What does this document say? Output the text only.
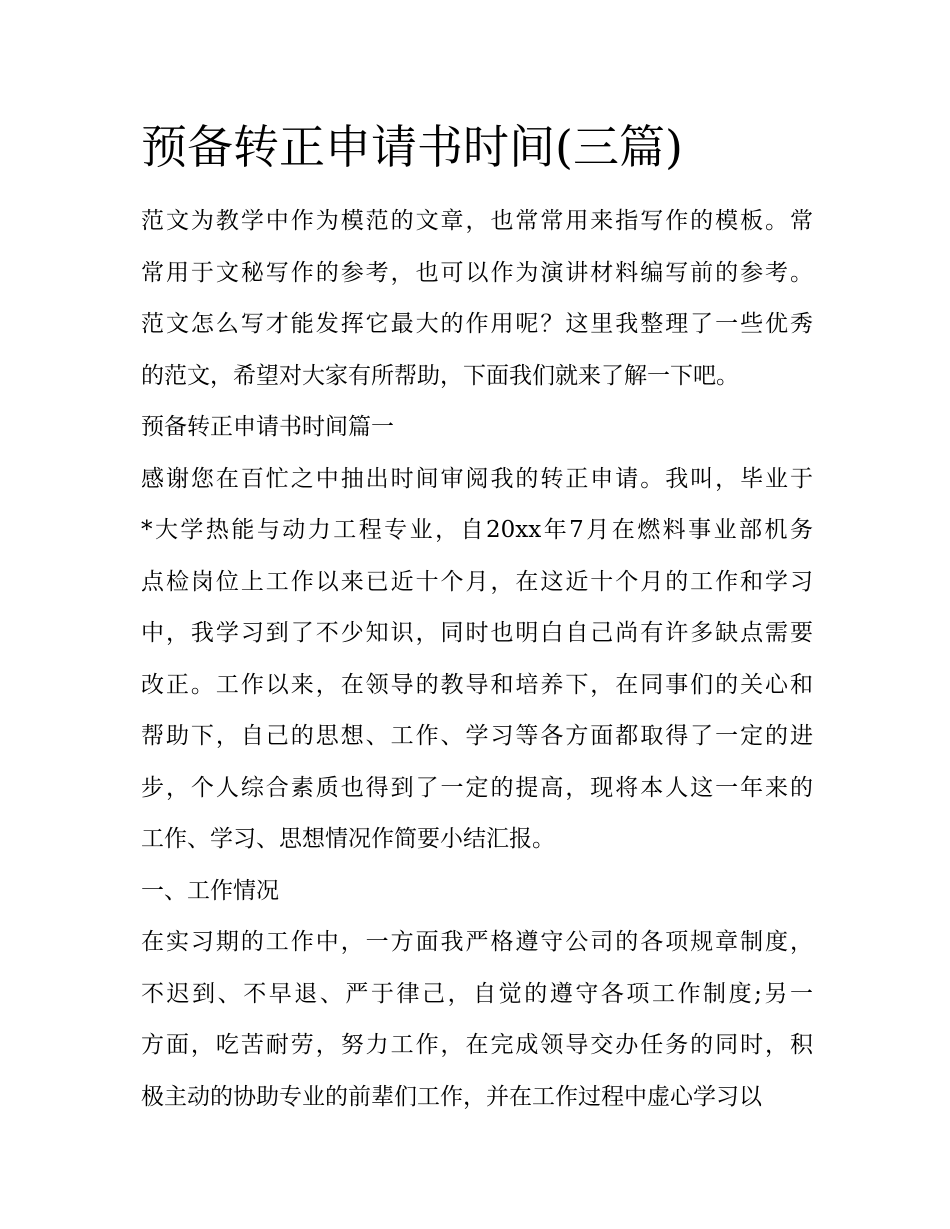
预备转正申请书时间(三篇)
范文为教学中作为模范的文章，也常常用来指写作的模板。常
常用于文秘写作的参考，也可以作为演讲材料编写前的参考。
范文怎么写才能发挥它最大的作用呢？这里我整理了一些优秀
的范文，希望对大家有所帮助，下面我们就来了解一下吧。
预备转正申请书时间篇一
感谢您在百忙之中抽出时间审阅我的转正申请。我叫，毕业于
*大学热能与动力工程专业，自20xx年7月在燃料事业部机务
点检岗位上工作以来已近十个月，在这近十个月的工作和学习
中，我学习到了不少知识，同时也明白自己尚有许多缺点需要
改正。工作以来，在领导的教导和培养下，在同事们的关心和
帮助下，自己的思想、工作、学习等各方面都取得了一定的进
步，个人综合素质也得到了一定的提高，现将本人这一年来的
工作、学习、思想情况作简要小结汇报。
一、工作情况
在实习期的工作中，一方面我严格遵守公司的各项规章制度，
不迟到、不早退、严于律己，自觉的遵守各项工作制度;另一
方面，吃苦耐劳，努力工作，在完成领导交办任务的同时，积
极主动的协助专业的前辈们工作，并在工作过程中虚心学习以
